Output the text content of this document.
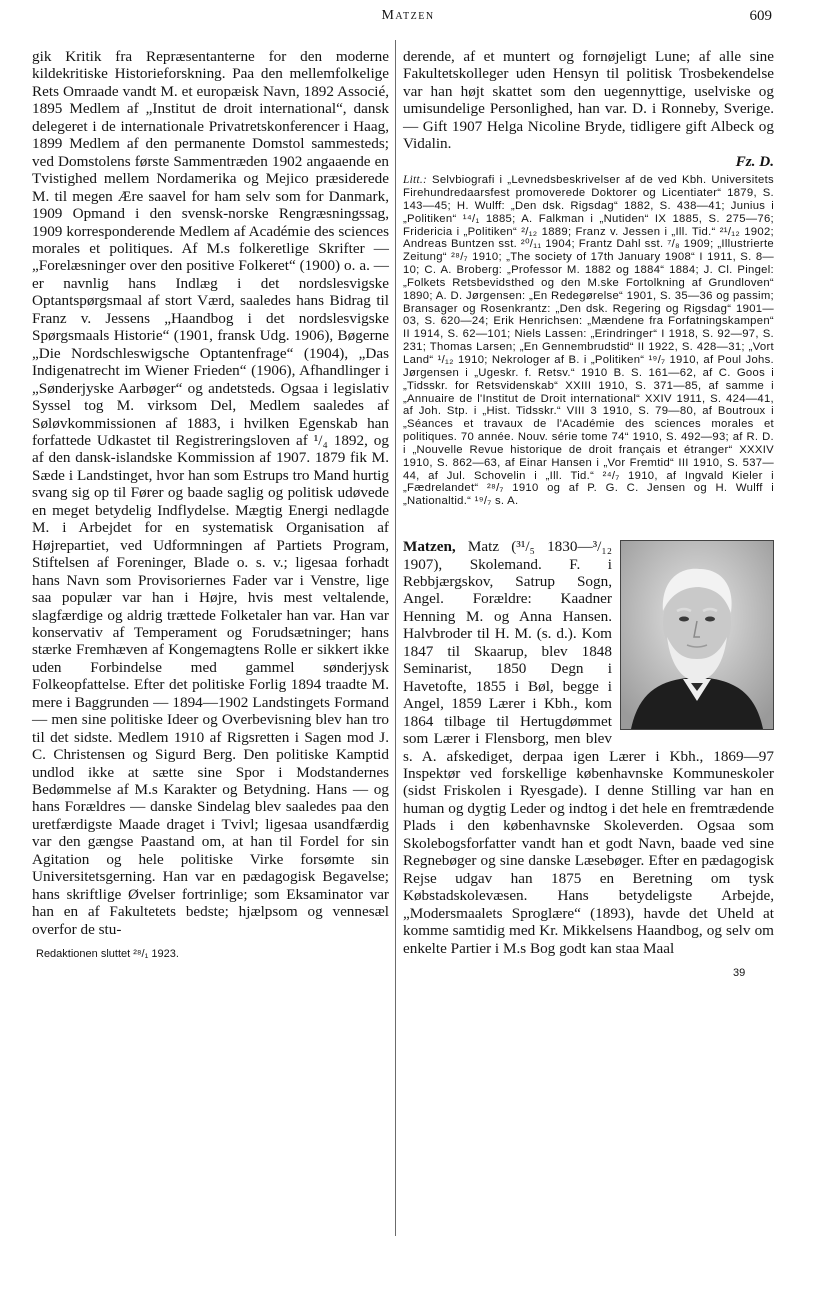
Matzen	609

gik Kritik fra Repræsentanterne for den moderne kildekritiske Historieforskning. Paa den mellemfolkelige Rets Omraade vandt M. et europæisk Navn, 1892 Associé, 1895 Medlem af „Institut de droit international“, dansk delegeret i de internationale Privatretskonferencer i Haag, 1899 Medlem af den permanente Domstol sammesteds; ved Domstolens første Sammentræden 1902 angaaende en Tvistighed mellem Nordamerika og Mejico præsiderede M. til megen Ære saavel for ham selv som for Danmark, 1909 Opmand i den svensk-norske Rengræsningssag, 1909 korresponderende Medlem af Académie des sciences morales et politiques. Af M.s folkeretlige Skrifter — „Forelæsninger over den positive Folkeret“ (1900) o. a. — er navnlig hans Indlæg i det nordslesvigske Optantspørgsmaal af stort Værd, saaledes hans Bidrag til Franz v. Jessens „Haandbog i det nordslesvigske Spørgsmaals Historie“ (1901, fransk Udg. 1906), Bøgerne „Die Nordschleswigsche Optantenfrage“ (1904), „Das Indigenatrecht im Wiener Frieden“ (1906), Afhandlinger i „Sønderjyske Aarbøger“ og andetsteds. Ogsaa i legislativ Syssel tog M. virksom Del, Medlem saaledes af Søløvkommissionen af 1883, i hvilken Egenskab han forfattede Udkastet til Registreringsloven af ¹/₄ 1892, og af den dansk-islandske Kommission af 1907. 1879 fik M. Sæde i Landstinget, hvor han som Estrups tro Mand hurtig svang sig op til Fører og baade saglig og politisk udøvede en meget betydelig Indflydelse. Mægtig Energi nedlagde M. i Arbejdet for en systematisk Organisation af Højrepartiet, ved Udformningen af Partiets Program, Stiftelsen af Foreninger, Blade o. s. v.; ligesaa forhadt hans Navn som Provisoriernes Fader var i Venstre, lige saa populær var han i Højre, hvis mest veltalende, slagfærdige og aldrig trættede Folketaler han var. Han var konservativ af Temperament og Forudsætninger; hans stærke Fremhæven af Kongemagtens Rolle er sikkert ikke uden Forbindelse med gammel sønderjysk Folkeopfattelse. Efter det politiske Forlig 1894 traadte M. mere i Baggrunden — 1894—1902 Landstingets Formand — men sine politiske Ideer og Overbevisning blev han tro til det sidste. Medlem 1910 af Rigsretten i Sagen mod J. C. Christensen og Sigurd Berg. Den politiske Kamptid undlod ikke at sætte sine Spor i Modstandernes Bedømmelse af M.s Karakter og Betydning. Hans — og hans Forældres — danske Sindelag blev saaledes paa den uretfærdigste Maade draget i Tvivl; ligesaa usandfærdig var den gængse Paastand om, at han til Fordel for sin Agitation og hele politiske Virke forsømte sin Universitetsgerning. Han var en pædagogisk Begavelse; hans skriftlige Øvelser fortrinlige; som Eksaminator var han en af Fakultetets bedste; hjælpsom og vennesæl overfor de stu-

Redaktionen sluttet ²⁸/₁ 1923.

derende, af et muntert og fornøjeligt Lune; af alle sine Fakultetskolleger uden Hensyn til politisk Trosbekendelse var han højt skattet som den uegennyttige, uselviske og umisundelige Personlighed, han var. D. i Ronneby, Sverige. — Gift 1907 Helga Nicoline Bryde, tidligere gift Albeck og Vidalin.

Fz. D.

Litt.: Selvbiografi i „Levnedsbeskrivelser af de ved Kbh. Universitets Firehundredaarsfest promoverede Doktorer og Licentiater“ 1879, S. 143—45; H. Wulff: „Den dsk. Rigsdag“ 1882, S. 438—41; Junius i „Politiken“ ¹⁴/₁ 1885; A. Falkman i „Nutiden“ IX 1885, S. 275—76; Fridericia i „Politiken“ ²/₁₂ 1889; Franz v. Jessen i „Ill. Tid.“ ²¹/₁₂ 1902; Andreas Buntzen sst. ²⁰/₁₁ 1904; Frantz Dahl sst. ⁷/₈ 1909; „Illustrierte Zeitung“ ²⁸/₇ 1910; „The society of 17th January 1908“ I 1911, S. 8—10; C. A. Broberg: „Professor M. 1882 og 1884“ 1884; J. Cl. Pingel: „Folkets Retsbevidsthed og den M.ske Fortolkning af Grundloven“ 1890; A. D. Jørgensen: „En Redegørelse“ 1901, S. 35—36 og passim; Bransager og Rosenkrantz: „Den dsk. Regering og Rigsdag“ 1901—03, S. 620—24; Erik Henrichsen: „Mændene fra Forfatningskampen“ II 1914, S. 62—101; Niels Lassen: „Erindringer“ I 1918, S. 92—97, S. 231; Thomas Larsen; „En Gennembrudstid“ II 1922, S. 428—31; „Vort Land“ ¹/₁₂ 1910; Nekrologer af B. i „Politiken“ ¹⁹/₇ 1910, af Poul Johs. Jørgensen i „Ugeskr. f. Retsv.“ 1910 B. S. 161—62, af C. Goos i „Tidsskr. for Retsvidenskab“ XXIII 1910, S. 371—85, af samme i „Annuaire de l'Institut de Droit international“ XXIV 1911, S. 424—41, af Joh. Stp. i „Hist. Tidsskr.“ VIII 3 1910, S. 79—80, af Boutroux i „Séances et travaux de l'Académie des sciences morales et politiques. 70 année. Nouv. série tome 74“ 1910, S. 492—93; af R. D. i „Nouvelle Revue historique de droit français et étranger“ XXXIV 1910, S. 862—63, af Einar Hansen i „Vor Fremtid“ III 1910, S. 537—44, af Jul. Schovelin i „Ill. Tid.“ ²⁴/₇ 1910, af Ingvald Kieler i „Fædrelandet“ ²⁸/₇ 1910 og af P. G. C. Jensen og H. Wulff i „Nationaltid.“ ¹⁹/₇ s. A.

Matzen,
Matz (³¹/₅ 1830—³/₁₂ 1907), Skolemand. F. i Rebbjærgskov, Satrup Sogn, Angel. Forældre: Kaadner Henning M. og Anna Hansen. Halvbroder til H. M. (s. d.). Kom 1847 til Skaarup, blev 1848 Seminarist, 1850 Degn i Havetofte, 1855 i Bøl, begge i Angel, 1859 Lærer i Kbh., kom 1864 tilbage til Hertugdømmet som Lærer i Flensborg, men blev s. A. afskediget, derpaa igen Lærer i Kbh., 1869—97 Inspektør ved forskellige københavnske Kommuneskoler (sidst Friskolen i Ryesgade). I denne Stilling var han en human og dygtig Leder og indtog i det hele en fremtrædende Plads i den københavnske Skoleverden. Ogsaa som Skolebogsforfatter vandt han et godt Navn, baade ved sine Regnebøger og sine danske Læsebøger. Efter en pædagogisk Rejse udgav han 1875 en Beretning om tysk Købstadskolevæsen. Hans betydeligste Arbejde, „Modersmaalets Sproglære“ (1893), havde det Uheld at komme samtidig med Kr. Mikkelsens Haandbog, og selv om enkelte Partier i M.s Bog godt kan staa Maal

39
